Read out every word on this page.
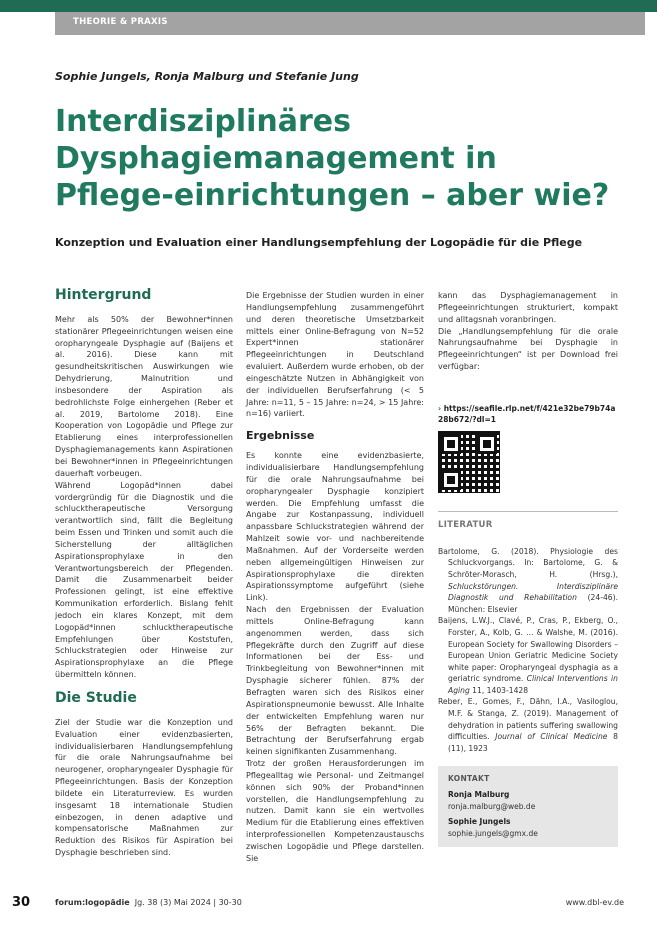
THEORIE & PRAXIS
Sophie Jungels, Ronja Malburg und Stefanie Jung
Interdisziplinäres Dysphagiemanagement in Pflege-einrichtungen – aber wie?
Konzeption und Evaluation einer Handlungsempfehlung der Logopädie für die Pflege
Hintergrund

Mehr als 50% der Bewohner*innen stationärer Pflegeeinrichtungen weisen eine oropharyngeale Dysphagie auf (Baijens et al. 2016). Diese kann mit gesundheitskritischen Auswirkungen wie Dehydrierung, Malnutrition und insbesondere der Aspiration als bedrohlichste Folge einhergehen (Reber et al. 2019, Bartolome 2018). Eine Kooperation von Logopädie und Pflege zur Etablierung eines interprofessionellen Dysphagiemanagements kann Aspirationen bei Bewohner*innen in Pflegeeinrichtungen dauerhaft vorbeugen.

Während Logopäd*innen dabei vordergründig für die Diagnostik und die schlucktherapeutische Versorgung verantwortlich sind, fällt die Begleitung beim Essen und Trinken und somit auch die Sicherstellung der alltäglichen Aspirationsprophylaxe in den Verantwortungsbereich der Pflegenden. Damit die Zusammenarbeit beider Professionen gelingt, ist eine effektive Kommunikation erforderlich. Bislang fehlt jedoch ein klares Konzept, mit dem Logopäd*innen schlucktherapeutische Empfehlungen über Koststufen, Schluckstrategien oder Hinweise zur Aspirationsprophylaxe an die Pflege übermitteln können.

Die Studie

Ziel der Studie war die Konzeption und Evaluation einer evidenzbasierten, individualisierbaren Handlungsempfehlung für die orale Nahrungsaufnahme bei neurogener, oropharyngealer Dysphagie für Pflegeeinrichtungen. Basis der Konzeption bildete ein Literaturreview. Es wurden insgesamt 18 internationale Studien einbezogen, in denen adaptive und kompensatorische Maßnahmen zur Reduktion des Risikos für Aspiration bei Dysphagie beschrieben sind.

Die Ergebnisse der Studien wurden in einer Handlungsempfehlung zusammengeführt und deren theoretische Umsetzbarkeit mittels einer Online-Befragung von N=52 Expert*innen stationärer Pflegeeinrichtungen in Deutschland evaluiert. Außerdem wurde erhoben, ob der eingeschätzte Nutzen in Abhängigkeit von der individuellen Berufserfahrung (< 5 Jahre: n=11, 5 – 15 Jahre: n=24, > 15 Jahre: n=16) variiert.

Ergebnisse

Es konnte eine evidenzbasierte, individualisierbare Handlungsempfehlung für die orale Nahrungsaufnahme bei oropharyngealer Dysphagie konzipiert werden. Die Empfehlung umfasst die Angabe zur Kostanpassung, individuell anpassbare Schluckstrategien während der Mahlzeit sowie vor- und nachbereitende Maßnahmen. Auf der Vorderseite werden neben allgemeingültigen Hinweisen zur Aspirationsprophylaxe die direkten Aspirationssymptome aufgeführt (siehe Link).

Nach den Ergebnissen der Evaluation mittels Online-Befragung kann angenommen werden, dass sich Pflegekräfte durch den Zugriff auf diese Informationen bei der Ess- und Trinkbegleitung von Bewohner*innen mit Dysphagie sicherer fühlen. 87% der Befragten waren sich des Risikos einer Aspirationspneumonie bewusst. Alle Inhalte der entwickelten Empfehlung waren nur 56% der Befragten bekannt. Die Betrachtung der Berufserfahrung ergab keinen signifikanten Zusammenhang.

Trotz der großen Herausforderungen im Pflegealltag wie Personal- und Zeitmangel können sich 90% der Proband*innen vorstellen, die Handlungsempfehlung zu nutzen. Damit kann sie ein wertvolles Medium für die Etablierung eines effektiven interprofessionellen Kompetenzaustauschs zwischen Logopädie und Pflege darstellen. Sie

kann das Dysphagiemanagement in Pflegeeinrichtungen strukturiert, kompakt und alltagsnah voranbringen.

Die „Handlungsempfehlung für die orale Nahrungsaufnahme bei Dysphagie in Pflegeeinrichtungen“ ist per Download frei verfügbar:

› https://seafile.rlp.net/f/421e32be79b74a28b672/?dl=1
LITERATUR

Bartolome, G. (2018). Physiologie des Schluckvorgangs. In: Bartolome, G. & Schröter-Morasch, H. (Hrsg.), Schluckstörungen. Interdisziplinäre Diagnostik und Rehabilitation (24-46). München: Elsevier

Baijens, L.W.J., Clavé, P., Cras, P., Ekberg, O., Forster, A., Kolb, G. … & Walshe, M. (2016). European Society for Swallowing Disorders – European Union Geriatric Medicine Society white paper: Oropharyngeal dysphagia as a geriatric syndrome. Clinical Interventions in Aging 11, 1403-1428

Reber, E., Gomes, F., Dähn, I.A., Vasiloglou, M.F. & Stanga, Z. (2019). Management of dehydration in patients suffering swallowing difficulties. Journal of Clinical Medicine 8 (11), 1923

KONTAKT
Ronja Malburg
ronja.malburg@web.de
Sophie Jungels
sophie.jungels@gmx.de
30	forum:logopädie Jg. 38 (3) Mai 2024 | 30-30	www.dbl-ev.de
